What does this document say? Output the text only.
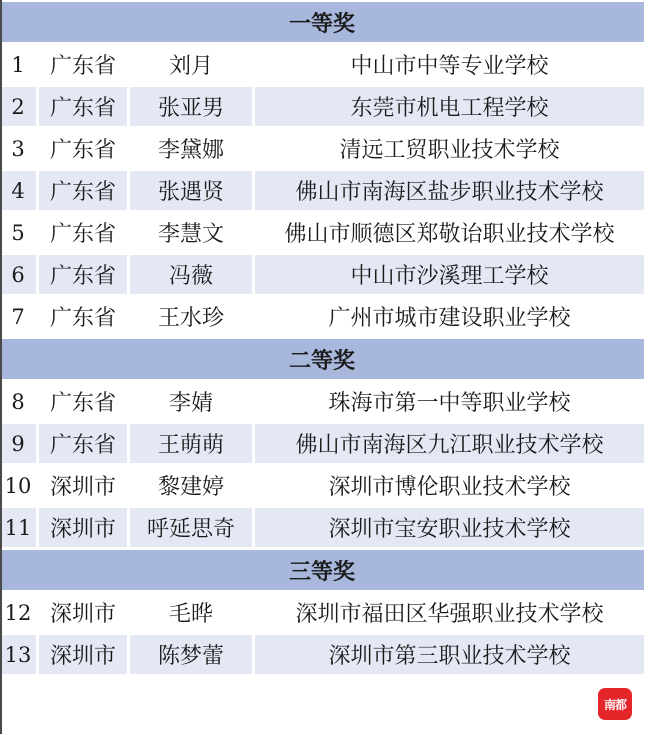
一等奖			
1	广东省	刘月	中山市中等专业学校
2	广东省	张亚男	东莞市机电工程学校
3	广东省	李黛娜	清远工贸职业技术学校
4	广东省	张遇贤	佛山市南海区盐步职业技术学校
5	广东省	李慧文	佛山市顺德区郑敬诒职业技术学校
6	广东省	冯薇	中山市沙溪理工学校
7	广东省	王水珍	广州市城市建设职业学校
二等奖			
8	广东省	李婧	珠海市第一中等职业学校
9	广东省	王萌萌	佛山市南海区九江职业技术学校
10	深圳市	黎建婷	深圳市博伦职业技术学校
11	深圳市	呼延思奇	深圳市宝安职业技术学校
三等奖			
12	深圳市	毛晔	深圳市福田区华强职业技术学校
13	深圳市	陈梦蕾	深圳市第三职业技术学校
南都
